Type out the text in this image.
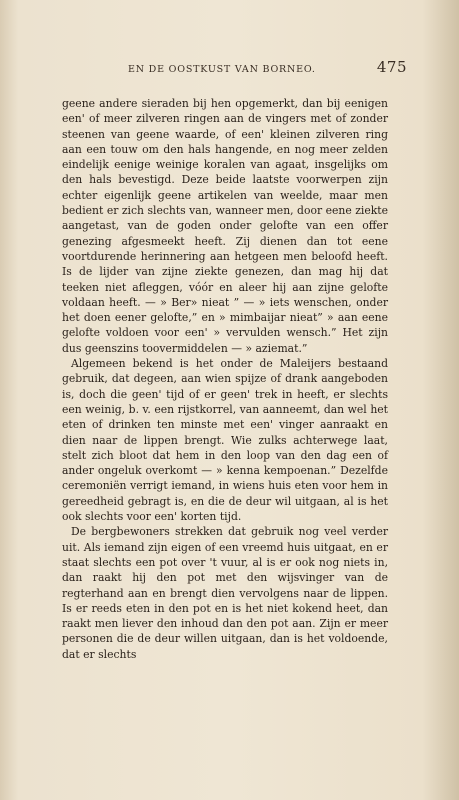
EN DE OOSTKUST VAN BORNEO.	475

geene andere sieraden bij hen opgemerkt, dan bij eenigen een' of meer zilveren ringen aan de vingers met of zonder steenen van geene waarde, of een' kleinen zilveren ring aan een touw om den hals hangende, en nog meer zelden eindelijk eenige weinige koralen van agaat, insgelijks om den hals bevestigd. Deze beide laatste voorwerpen zijn echter eigenlijk geene artikelen van weelde, maar men bedient er zich slechts van, wanneer men, door eene ziekte aangetast, van de goden onder gelofte van een offer genezing afgesmeekt heeft. Zij dienen dan tot eene voortdurende herinnering aan hetgeen men beloofd heeft. Is de lijder van zijne ziekte genezen, dan mag hij dat teeken niet afleggen, vóór en aleer hij aan zijne gelofte voldaan heeft. — » Ber» nieat ” — » iets wenschen, onder het doen eener gelofte,” en » mimbaijar nieat” » aan eene gelofte voldoen voor een' » vervulden wensch.” Het zijn dus geenszins toovermiddelen — » aziemat.”

Algemeen bekend is het onder de Maleijers bestaand gebruik, dat degeen, aan wien spijze of drank aangeboden is, doch die geen' tijd of er geen' trek in heeft, er slechts een weinig, b. v. een rijstkorrel, van aanneemt, dan wel het eten of drinken ten minste met een' vinger aanraakt en dien naar de lippen brengt. Wie zulks achterwege laat, stelt zich bloot dat hem in den loop van den dag een of ander ongeluk overkomt — » kenna kempoenan.” Dezelfde ceremoniën verrigt iemand, in wiens huis eten voor hem in gereedheid gebragt is, en die de deur wil uitgaan, al is het ook slechts voor een' korten tijd.

De bergbewoners strekken dat gebruik nog veel verder uit. Als iemand zijn eigen of een vreemd huis uitgaat, en er staat slechts een pot over 't vuur, al is er ook nog niets in, dan raakt hij den pot met den wijsvinger van de regterhand aan en brengt dien vervolgens naar de lippen. Is er reeds eten in den pot en is het niet kokend heet, dan raakt men liever den inhoud dan den pot aan. Zijn er meer personen die de deur willen uitgaan, dan is het voldoende, dat er slechts
